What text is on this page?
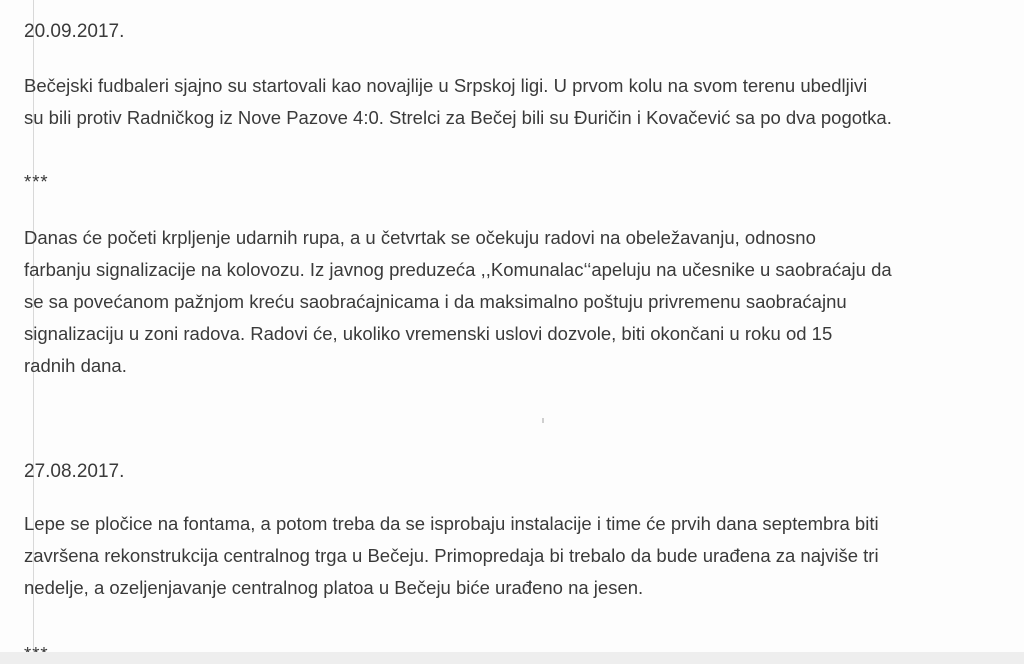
20.09.2017.

Bečejski fudbaleri sjajno su startovali kao novajlije u Srpskoj ligi. U prvom kolu na svom terenu ubedljivi
su bili protiv Radničkog iz Nove Pazove 4:0. Strelci za Bečej bili su Đuričin i Kovačević sa po dva pogotka.

***

Danas će početi krpljenje udarnih rupa, a u četvrtak se očekuju radovi na obeležavanju, odnosno
farbanju signalizacije na kolovozu. Iz javnog preduzeća ,,Komunalac‘‘apeluju na učesnike u saobraćaju da
se sa povećanom pažnjom kreću saobraćajnicama i da maksimalno poštuju privremenu saobraćajnu
signalizaciju u zoni radova. Radovi će, ukoliko vremenski uslovi dozvole, biti okončani u roku od 15
radnih dana.

27.08.2017.

Lepe se pločice na fontama, a potom treba da se isprobaju instalacije i time će prvih dana septembra biti
završena rekonstrukcija centralnog trga u Bečeju. Primopredaja bi trebalo da bude urađena za najviše tri
nedelje, a ozeljenjavanje centralnog platoa u Bečeju biće urađeno na jesen.
